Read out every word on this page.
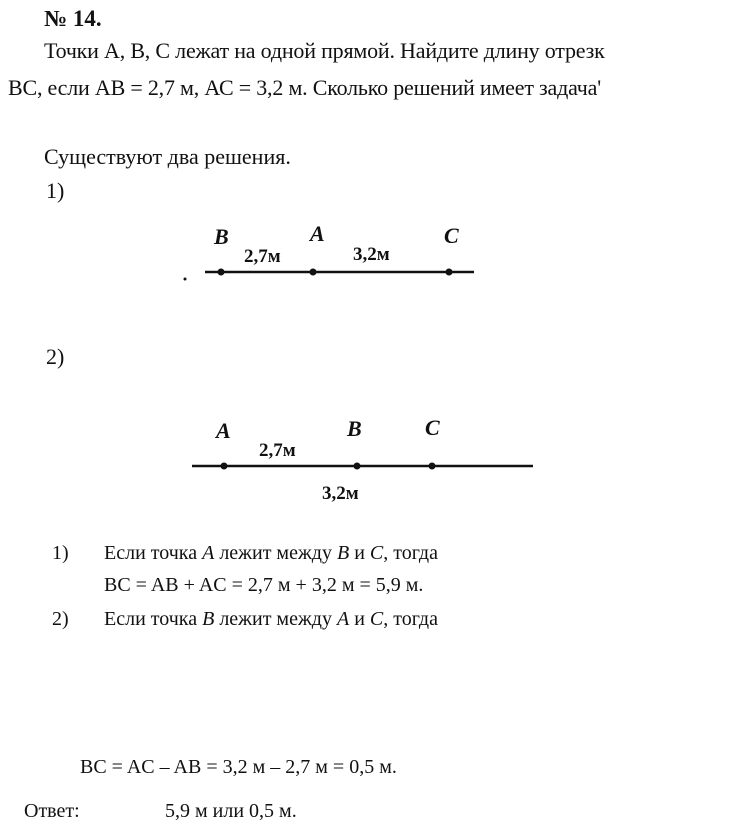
№ 14.
Точки А, В, С лежат на одной прямой. Найдите длину отрезк
ВС, если АВ = 2,7 м, АС = 3,2 м. Сколько решений имеет задача'
Существуют два решения.
1)
2)
B	A	C
2,7м	3,2м
A	B	C
2,7м
3,2м
1) Если точка A лежит между B и C, тогда
BC = AB + AC = 2,7 м + 3,2 м = 5,9 м.
2) Если точка B лежит между A и C, тогда
BC = AC – AB = 3,2 м – 2,7 м = 0,5 м.
Ответ:	5,9 м или 0,5 м.
